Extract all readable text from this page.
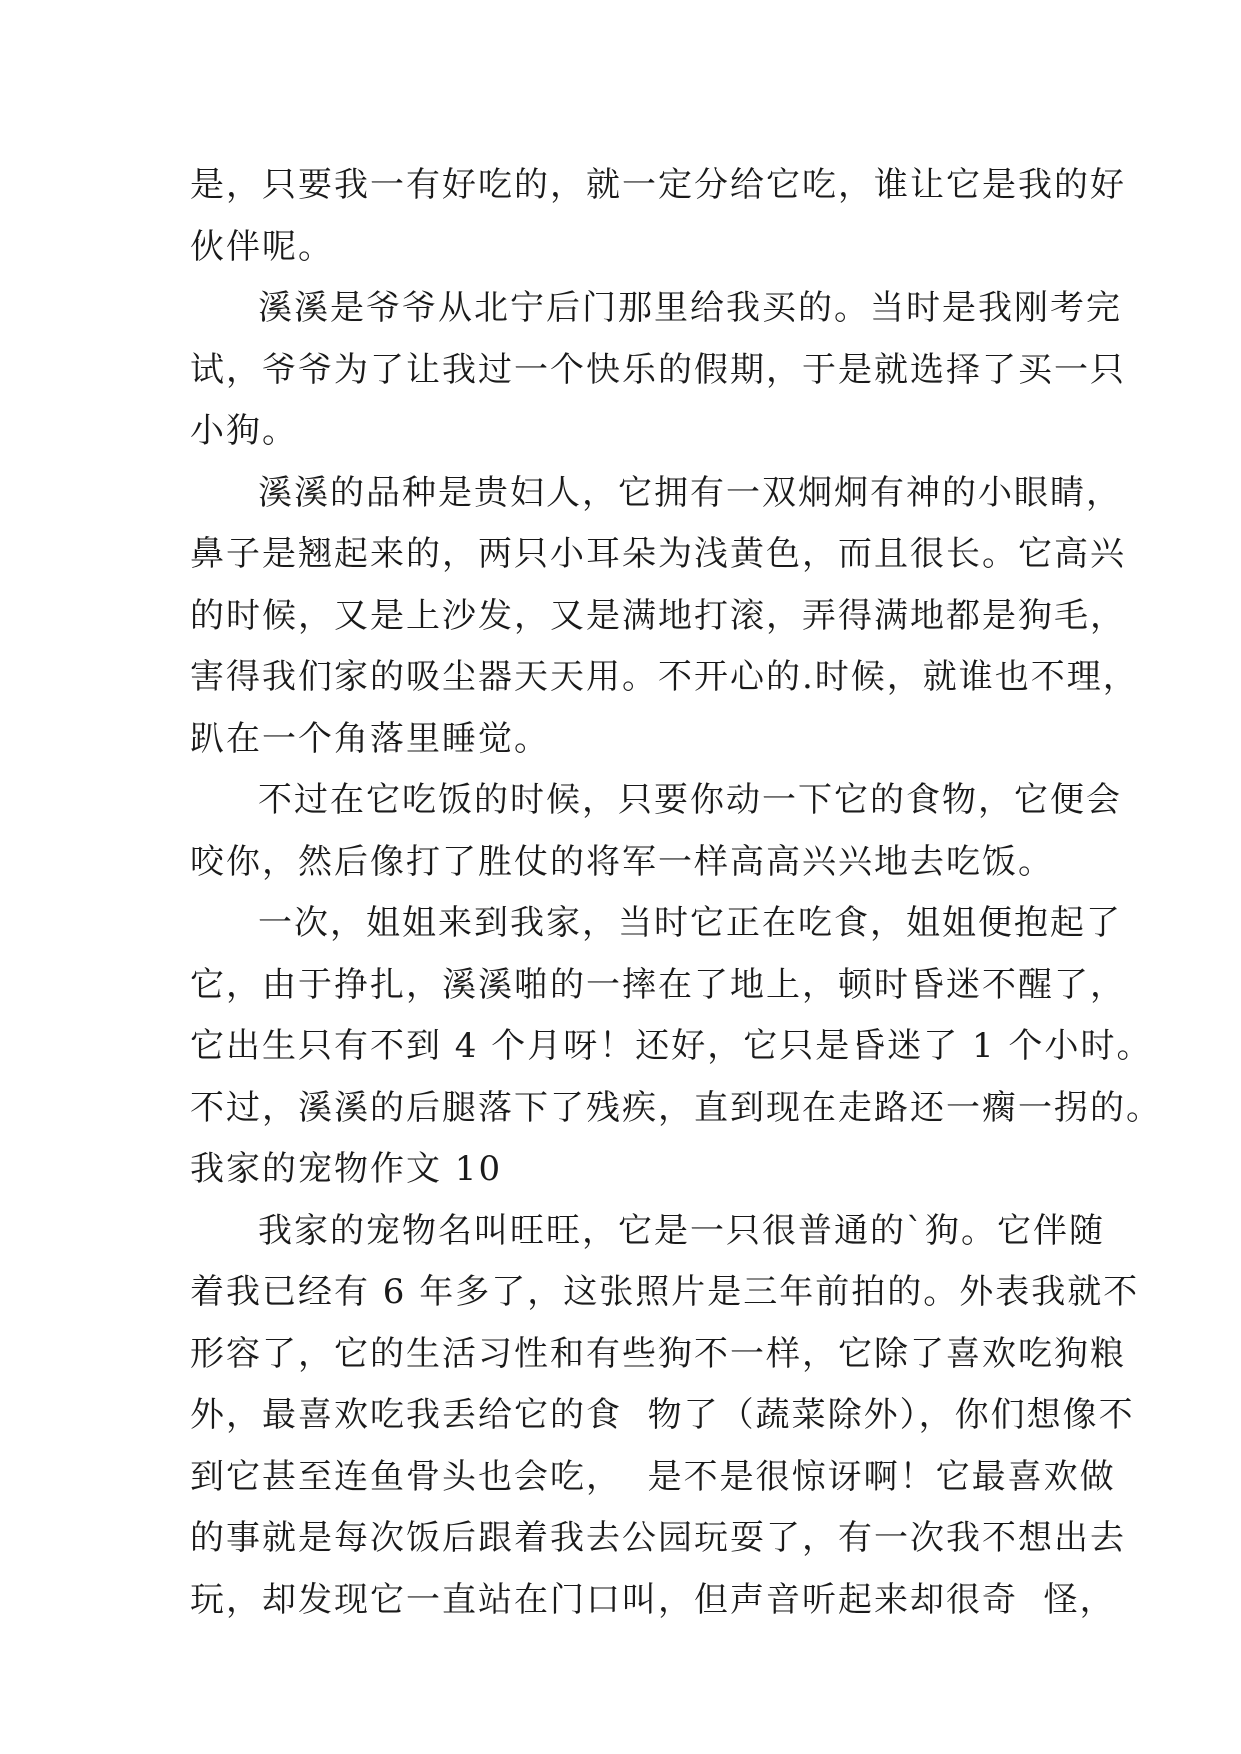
是，只要我一有好吃的，就一定分给它吃，谁让它是我的好
伙伴呢。
溪溪是爷爷从北宁后门那里给我买的。当时是我刚考完
试，爷爷为了让我过一个快乐的假期，于是就选择了买一只
小狗。
溪溪的品种是贵妇人，它拥有一双炯炯有神的小眼睛，
鼻子是翘起来的，两只小耳朵为浅黄色，而且很长。它高兴
的时候，又是上沙发，又是满地打滚，弄得满地都是狗毛，
害得我们家的吸尘器天天用。不开心的.时候，就谁也不理，
趴在一个角落里睡觉。
不过在它吃饭的时候，只要你动一下它的食物，它便会
咬你，然后像打了胜仗的将军一样高高兴兴地去吃饭。
一次，姐姐来到我家，当时它正在吃食，姐姐便抱起了
它，由于挣扎，溪溪啪的一摔在了地上，顿时昏迷不醒了，
它出生只有不到 4 个月呀！还好，它只是昏迷了 1 个小时。
不过，溪溪的后腿落下了残疾，直到现在走路还一瘸一拐的。
我家的宠物作文 10
我家的宠物名叫旺旺，它是一只很普通的`狗。它伴随
着我已经有 6 年多了，这张照片是三年前拍的。外表我就不
形容了，它的生活习性和有些狗不一样，它除了喜欢吃狗粮
外，最喜欢吃我丢给它的食  物了（蔬菜除外），你们想像不
到它甚至连鱼骨头也会吃，  是不是很惊讶啊！它最喜欢做
的事就是每次饭后跟着我去公园玩耍了，有一次我不想出去
玩，却发现它一直站在门口叫，但声音听起来却很奇  怪，
